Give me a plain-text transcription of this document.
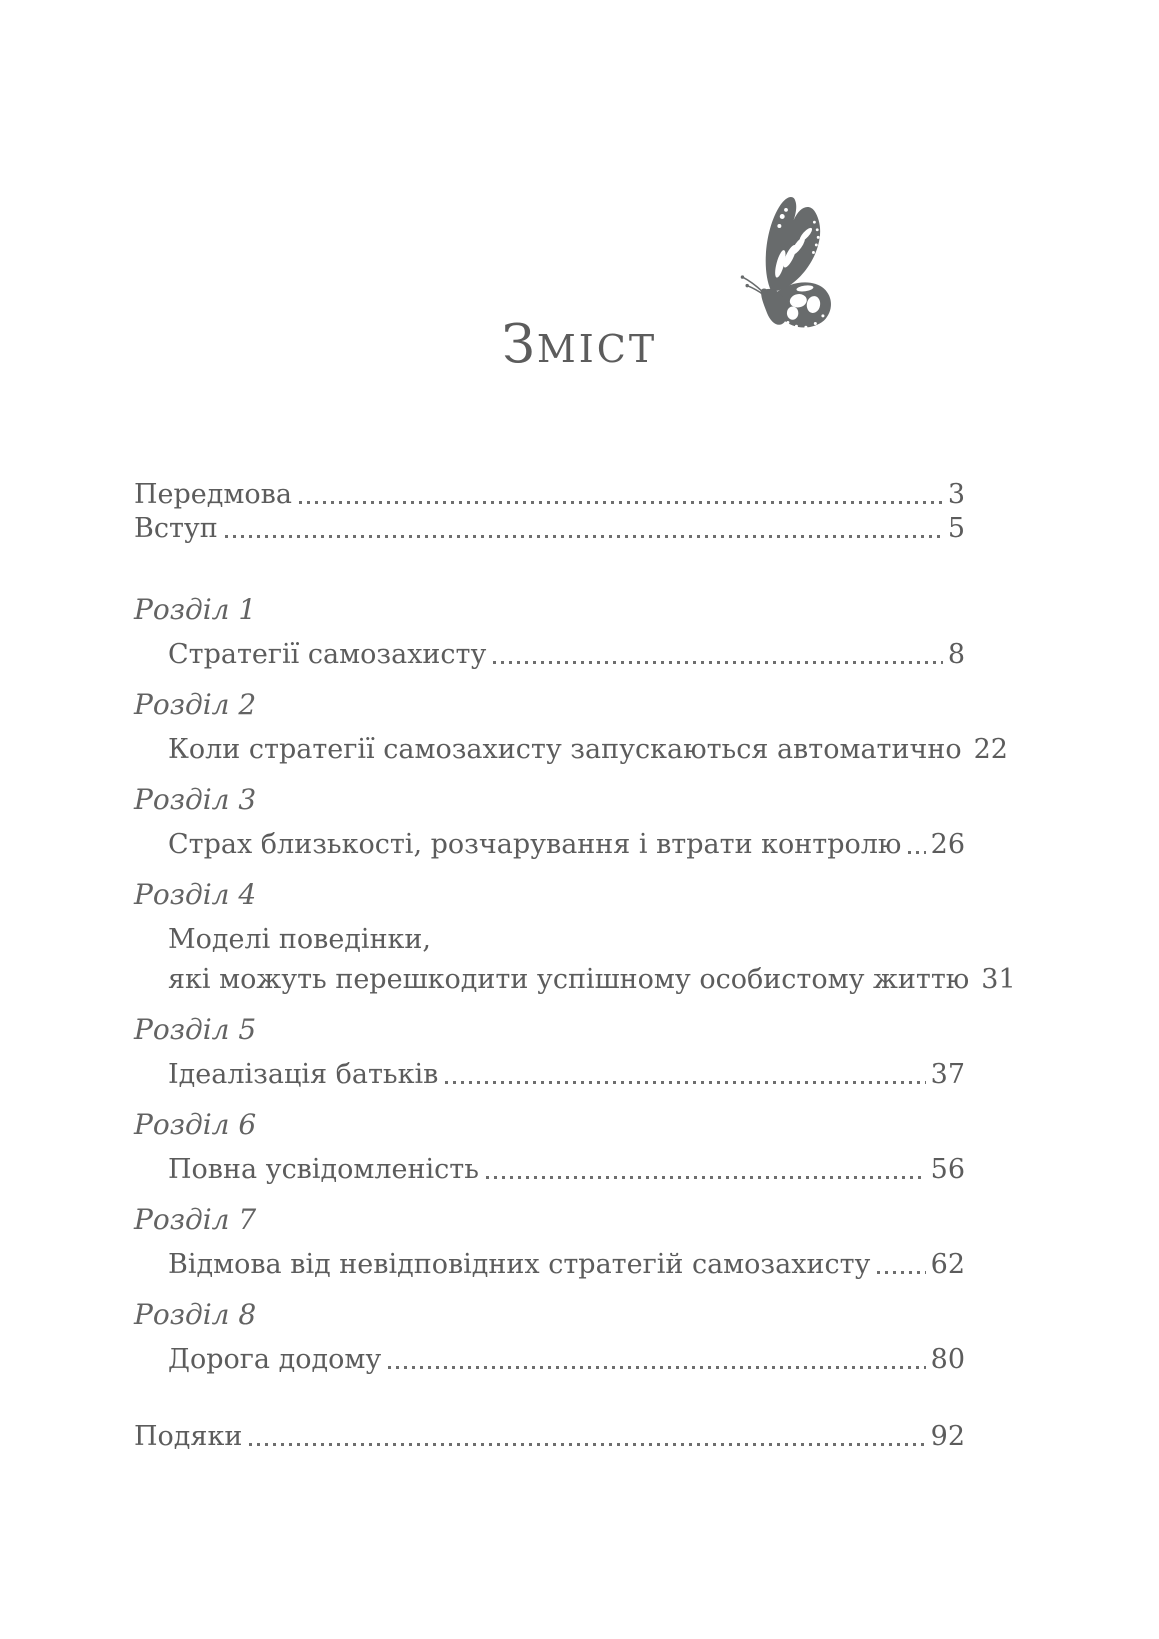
ЗМІСТ
Передмова	3
Вступ	5
Розділ 1
Стратегії самозахисту	8
Розділ 2
Коли стратегії самозахисту запускаються автоматично 22
Розділ 3
Страх близькості, розчарування і втрати контролю 26
Розділ 4
Моделі поведінки,
які можуть перешкодити успішному особистому життю 31
Розділ 5
Ідеалізація батьків	37
Розділ 6
Повна усвідомленість	56
Розділ 7
Відмова від невідповідних стратегій самозахисту 62
Розділ 8
Дорога додому	80
Подяки	92
